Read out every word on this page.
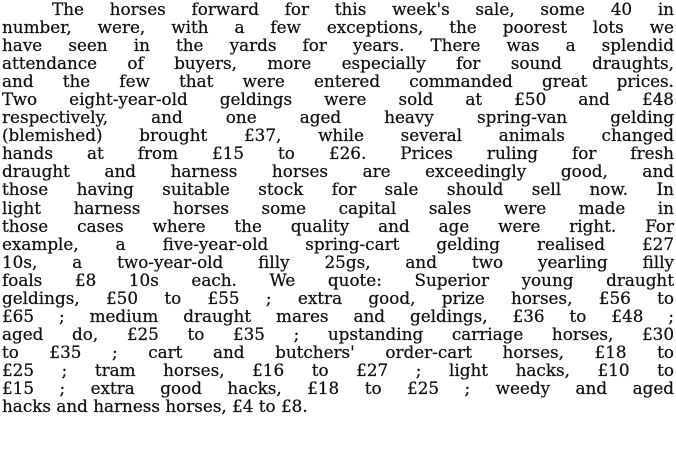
The horses forward for this week's sale, some 40 in
number, were, with a few exceptions, the poorest lots we
have seen in the yards for years. There was a splendid
attendance of buyers, more especially for sound draughts,
and the few that were entered commanded great prices.
Two eight-year-old geldings were sold at £50 and £48
respectively, and one aged heavy spring-van gelding
(blemished) brought £37, while several animals changed
hands at from £15 to £26. Prices ruling for fresh
draught and harness horses are exceedingly good, and
those having suitable stock for sale should sell now. In
light harness horses some capital sales were made in
those cases where the quality and age were right. For
example, a five-year-old spring-cart gelding realised £27
10s, a two-year-old filly 25gs, and two yearling filly
foals £8 10s each. We quote: Superior young draught
geldings, £50 to £55 ; extra good, prize horses, £56 to
£65 ; medium draught mares and geldings, £36 to £48 ;
aged do, £25 to £35 ; upstanding carriage horses, £30
to £35 ; cart and butchers' order-cart horses, £18 to
£25 ; tram horses, £16 to £27 ; light hacks, £10 to
£15 ; extra good hacks, £18 to £25 ; weedy and aged
hacks and harness horses, £4 to £8.
